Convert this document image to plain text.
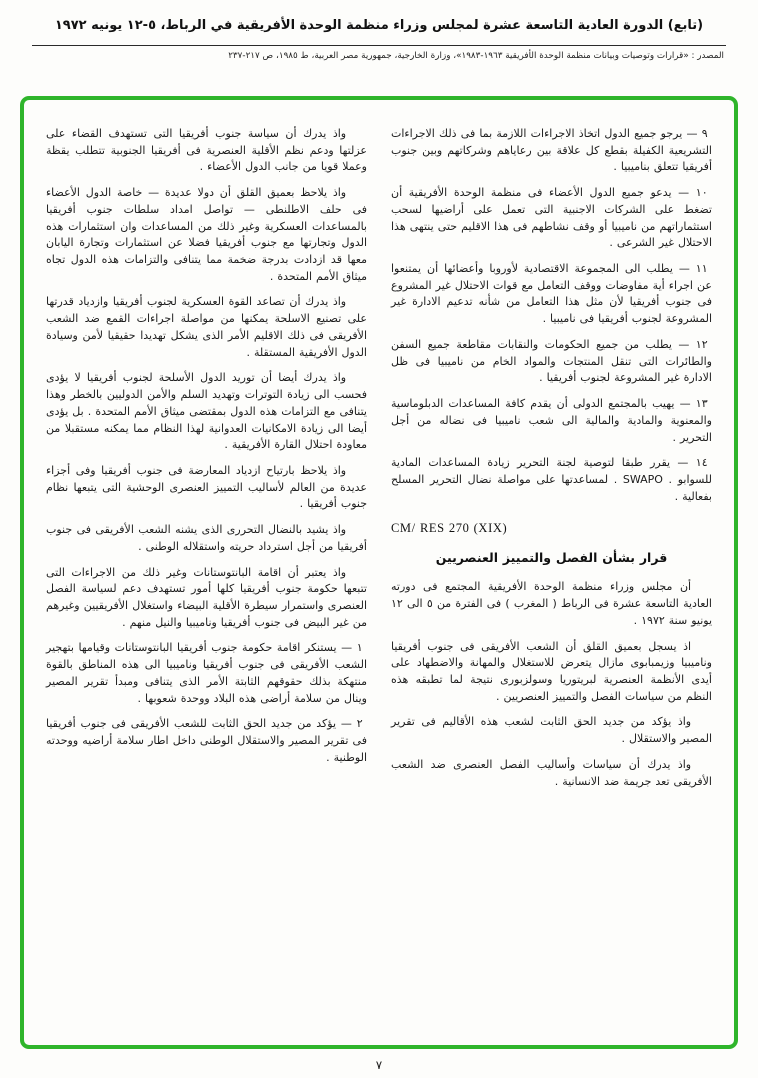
(تابع) الدورة العادية التاسعة عشرة لمجلس وزراء منظمة الوحدة الأفريقية في الرباط، ٥-١٢ يونيه ١٩٧٢
المصدر : «قرارات وتوصيات وبيانات منظمة الوحدة الأفريقية ١٩٦٣-١٩٨٣»، وزارة الخارجية، جمهورية مصر العربية، ط ١٩٨٥، ص ٢١٧-٢٣٧
٩ — يرجو جميع الدول اتخاذ الاجراءات اللازمة بما فى ذلك الاجراءات التشريعية الكفيلة بقطع كل علاقة بين رعاياهم وشركاتهم وبين جنوب أفريقيا تتعلق بناميبيا .
١٠ — يدعو جميع الدول الأعضاء فى منظمة الوحدة الأفريقية أن تضغط على الشركات الاجنبية التى تعمل على أراضيها لسحب استثماراتهم من ناميبيا أو وقف نشاطهم فى هذا الاقليم حتى ينتهى هذا الاحتلال غير الشرعى .
١١ — يطلب الى المجموعة الاقتصادية لأوروبا وأعضائها أن يمتنعوا عن اجراء أية مفاوضات ووقف التعامل مع قوات الاحتلال غير المشروع فى جنوب أفريقيا لأن مثل هذا التعامل من شأنه تدعيم الادارة غير المشروعة لجنوب أفريقيا فى ناميبيا .
١٢ — يطلب من جميع الحكومات والنقابات مقاطعة جميع السفن والطائرات التى تنقل المنتجات والمواد الخام من ناميبيا فى ظل الادارة غير المشروعة لجنوب أفريقيا .
١٣ — يهيب بالمجتمع الدولى أن يقدم كافة المساعدات الدبلوماسية والمعنوية والمادية والمالية الى شعب ناميبيا فى نضاله من أجل التحرير .
١٤ — يقرر طبقا لتوصية لجنة التحرير زيادة المساعدات المادية للسوابو . SWAPO . لمساعدتها على مواصلة نضال التحرير المسلح بفعالية .
CM/ RES 270 (XIX)
قرار بشأن الفصل والتمييز العنصريين
أن مجلس وزراء منظمة الوحدة الأفريقية المجتمع فى دورته العادية التاسعة عشرة فى الرباط ( المغرب ) فى الفترة من ٥ الى ١٢ يونيو سنة ١٩٧٢ .
اذ يسجل بعميق القلق أن الشعب الأفريقى فى جنوب أفريقيا وناميبيا وزيمبابوى مازال يتعرض للاستغلال والمهانة والاضطهاد على أيدى الأنظمة العنصرية لبريتوريا وسولزبورى نتيجة لما تطبقه هذه النظم من سياسات الفصل والتمييز العنصريين .
واذ يؤكد من جديد الحق الثابت لشعب هذه الأقاليم فى تقرير المصير والاستقلال .
واذ يدرك أن سياسات وأساليب الفصل العنصرى ضد الشعب الأفريقى تعد جريمة ضد الانسانية .
واذ يدرك أن سياسة جنوب أفريقيا التى تستهدف القضاء على عزلتها ودعم نظم الأقلية العنصرية فى أفريقيا الجنوبية تتطلب يقظة وعملا قويا من جانب الدول الأعضاء .
واذ يلاحظ بعميق القلق أن دولا عديدة — خاصة الدول الأعضاء فى حلف الاطلنطى — تواصل امداد سلطات جنوب أفريقيا بالمساعدات العسكرية وغير ذلك من المساعدات وان استثمارات هذه الدول وتجارتها مع جنوب أفريقيا فضلا عن استثمارات وتجارة اليابان معها قد ازدادت بدرجة ضخمة مما يتنافى والتزامات هذه الدول تجاه ميثاق الأمم المتحدة .
واذ يدرك أن تصاعد القوة العسكرية لجنوب أفريقيا وازدياد قدرتها على تصنيع الاسلحة يمكنها من مواصلة اجراءات القمع ضد الشعب الأفريقى فى ذلك الاقليم الأمر الذى يشكل تهديدا حقيقيا لأمن وسيادة الدول الأفريقية المستقلة .
واذ يدرك أيضا أن توريد الدول الأسلحة لجنوب أفريقيا لا يؤدى فحسب الى زيادة التوترات وتهديد السلم والأمن الدوليين بالخطر وهذا يتنافى مع التزامات هذه الدول بمقتضى ميثاق الأمم المتحدة . بل يؤدى أيضا الى زيادة الامكانيات العدوانية لهذا النظام مما يمكنه مستقبلا من معاودة احتلال القارة الأفريقية .
واذ يلاحظ بارتياح ازدياد المعارضة فى جنوب أفريقيا وفى أجزاء عديدة من العالم لأساليب التمييز العنصرى الوحشية التى يتبعها نظام جنوب أفريقيا .
واذ يشيد بالنضال التحررى الذى يشنه الشعب الأفريقى فى جنوب أفريقيا من أجل استرداد حريته واستقلاله الوطنى .
واذ يعتبر أن اقامة البانتوستانات وغير ذلك من الاجراءات التى تتبعها حكومة جنوب أفريقيا كلها أمور تستهدف دعم لسياسة الفصل العنصرى واستمرار سيطرة الأقلية البيضاء واستغلال الأفريقيين وغيرهم من غير البيض فى جنوب أفريقيا وناميبيا والنيل منهم .
١ — يستنكر اقامة حكومة جنوب أفريقيا البانتوستانات وقيامها بتهجير الشعب الأفريقى فى جنوب أفريقيا وناميبيا الى هذه المناطق بالقوة منتهكة بذلك حقوقهم الثابتة الأمر الذى يتنافى ومبدأ تقرير المصير وينال من سلامة أراضى هذه البلاد ووحدة شعوبها .
٢ — يؤكد من جديد الحق الثابت للشعب الأفريقى فى جنوب أفريقيا فى تقرير المصير والاستقلال الوطنى داخل اطار سلامة أراضيه ووحدته الوطنية .
٧
